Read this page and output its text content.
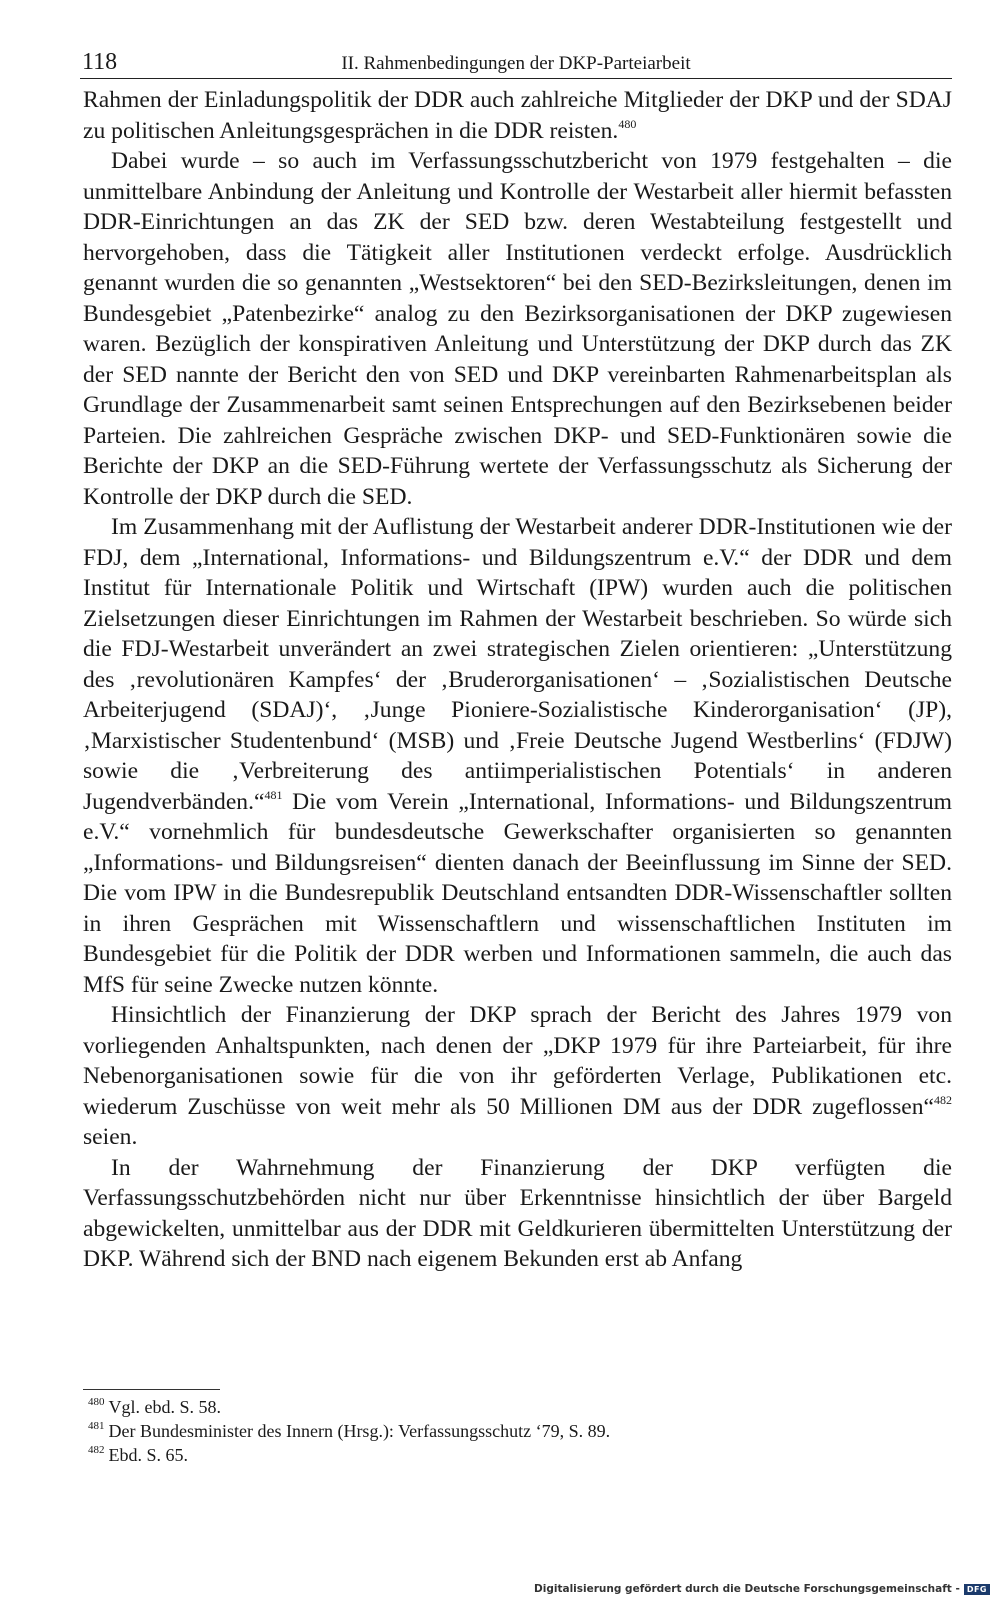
118	II. Rahmenbedingungen der DKP-Parteiarbeit

Rahmen der Einladungspolitik der DDR auch zahlreiche Mitglieder der DKP und der SDAJ zu politischen Anleitungsgesprächen in die DDR reisten.$^{480}$

Dabei wurde – so auch im Verfassungsschutzbericht von 1979 festgehalten – die unmittelbare Anbindung der Anleitung und Kontrolle der Westarbeit aller hiermit befassten DDR-Einrichtungen an das ZK der SED bzw. deren Westabteilung festgestellt und hervorgehoben, dass die Tätigkeit aller Institutionen verdeckt erfolge. Ausdrücklich genannt wurden die so genannten „Westsektoren“ bei den SED-Bezirksleitungen, denen im Bundesgebiet „Patenbezirke“ analog zu den Bezirksorganisationen der DKP zugewiesen waren. Bezüglich der konspirativen Anleitung und Unterstützung der DKP durch das ZK der SED nannte der Bericht den von SED und DKP vereinbarten Rahmenarbeitsplan als Grundlage der Zusammenarbeit samt seinen Entsprechungen auf den Bezirksebenen beider Parteien. Die zahlreichen Gespräche zwischen DKP- und SED-Funktionären sowie die Berichte der DKP an die SED-Führung wertete der Verfassungsschutz als Sicherung der Kontrolle der DKP durch die SED.

Im Zusammenhang mit der Auflistung der Westarbeit anderer DDR-Institutionen wie der FDJ, dem „International, Informations- und Bildungszentrum e.V.“ der DDR und dem Institut für Internationale Politik und Wirtschaft (IPW) wurden auch die politischen Zielsetzungen dieser Einrichtungen im Rahmen der Westarbeit beschrieben. So würde sich die FDJ-Westarbeit unverändert an zwei strategischen Zielen orientieren: „Unterstützung des ‚revolutionären Kampfes‘ der ‚Bruderorganisationen‘ – ‚Sozialistischen Deutsche Arbeiterjugend (SDAJ)‘, ‚Junge Pioniere-Sozialistische Kinderorganisation‘ (JP), ‚Marxistischer Studentenbund‘ (MSB) und ‚Freie Deutsche Jugend Westberlins‘ (FDJW) sowie die ‚Verbreiterung des antiimperialistischen Potentials‘ in anderen Jugendverbänden.“$^{481}$ Die vom Verein „International, Informations- und Bildungszentrum e.V.“ vornehmlich für bundesdeutsche Gewerkschafter organisierten so genannten „Informations- und Bildungsreisen“ dienten danach der Beeinflussung im Sinne der SED. Die vom IPW in die Bundesrepublik Deutschland entsandten DDR-Wissenschaftler sollten in ihren Gesprächen mit Wissenschaftlern und wissenschaftlichen Instituten im Bundesgebiet für die Politik der DDR werben und Informationen sammeln, die auch das MfS für seine Zwecke nutzen könnte.

Hinsichtlich der Finanzierung der DKP sprach der Bericht des Jahres 1979 von vorliegenden Anhaltspunkten, nach denen der „DKP 1979 für ihre Parteiarbeit, für ihre Nebenorganisationen sowie für die von ihr geförderten Verlage, Publikationen etc. wiederum Zuschüsse von weit mehr als 50 Millionen DM aus der DDR zugeflossen“$^{482}$ seien.

In der Wahrnehmung der Finanzierung der DKP verfügten die Verfassungsschutzbehörden nicht nur über Erkenntnisse hinsichtlich der über Bargeld abgewickelten, unmittelbar aus der DDR mit Geldkurieren übermittelten Unterstützung der DKP. Während sich der BND nach eigenem Bekunden erst ab Anfang

$^{480}$ Vgl. ebd. S. 58.

$^{481}$ Der Bundesminister des Innern (Hrsg.): Verfassungsschutz ‘79, S. 89.

$^{482}$ Ebd. S. 65.

Digitalisierung gefördert durch die Deutsche Forschungsgemeinschaft - DFG
